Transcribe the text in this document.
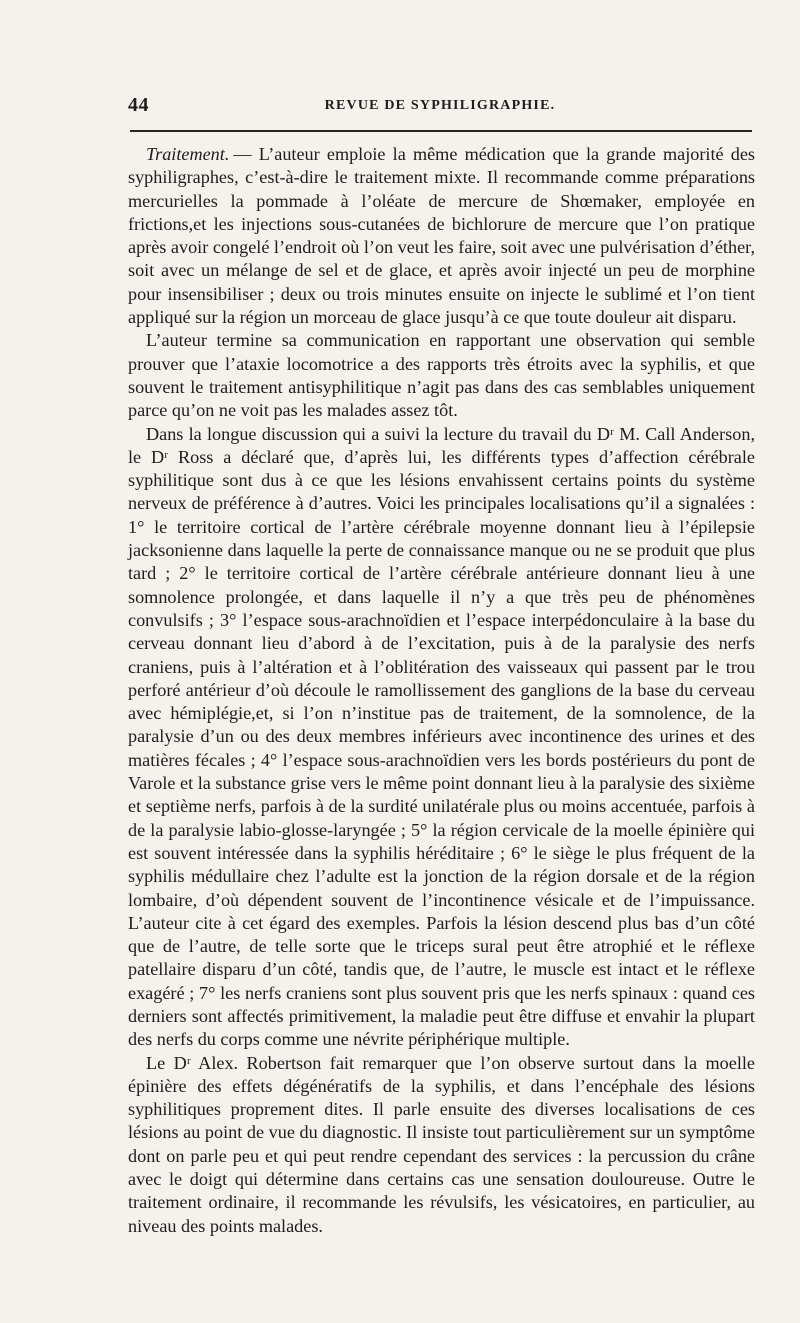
44	REVUE DE SYPHILIGRAPHIE.

Traitement. — L’auteur emploie la même médication que la grande majorité des syphiligraphes, c’est-à-dire le traitement mixte. Il recommande comme préparations mercurielles la pommade à l’oléate de mercure de Shœmaker, employée en frictions,et les injections sous-cutanées de bichlorure de mercure que l’on pratique après avoir congelé l’endroit où l’on veut les faire, soit avec une pulvérisation d’éther, soit avec un mélange de sel et de glace, et après avoir injecté un peu de morphine pour insensibiliser ; deux ou trois minutes ensuite on injecte le sublimé et l’on tient appliqué sur la région un morceau de glace jusqu’à ce que toute douleur ait disparu.

L’auteur termine sa communication en rapportant une observation qui semble prouver que l’ataxie locomotrice a des rapports très étroits avec la syphilis, et que souvent le traitement antisyphilitique n’agit pas dans des cas semblables uniquement parce qu’on ne voit pas les malades assez tôt.

Dans la longue discussion qui a suivi la lecture du travail du Dʳ M. Call Anderson, le Dʳ Ross a déclaré que, d’après lui, les différents types d’affection cérébrale syphilitique sont dus à ce que les lésions envahissent certains points du système nerveux de préférence à d’autres. Voici les principales localisations qu’il a signalées : 1° le territoire cortical de l’artère cérébrale moyenne donnant lieu à l’épilepsie jacksonienne dans laquelle la perte de connaissance manque ou ne se produit que plus tard ; 2° le territoire cortical de l’artère cérébrale antérieure donnant lieu à une somnolence prolongée, et dans laquelle il n’y a que très peu de phénomènes convulsifs ; 3° l’espace sous-arachnoïdien et l’espace interpédonculaire à la base du cerveau donnant lieu d’abord à de l’excitation, puis à de la paralysie des nerfs craniens, puis à l’altération et à l’oblitération des vaisseaux qui passent par le trou perforé antérieur d’où découle le ramollissement des ganglions de la base du cerveau avec hémiplégie,et, si l’on n’institue pas de traitement, de la somnolence, de la paralysie d’un ou des deux membres inférieurs avec incontinence des urines et des matières fécales ; 4° l’espace sous-arachnoïdien vers les bords postérieurs du pont de Varole et la substance grise vers le même point donnant lieu à la paralysie des sixième et septième nerfs, parfois à de la surdité unilatérale plus ou moins accentuée, parfois à de la paralysie labio-glosse-laryngée ; 5° la région cervicale de la moelle épinière qui est souvent intéressée dans la syphilis héréditaire ; 6° le siège le plus fréquent de la syphilis médullaire chez l’adulte est la jonction de la région dorsale et de la région lombaire, d’où dépendent souvent de l’incontinence vésicale et de l’impuissance. L’auteur cite à cet égard des exemples. Parfois la lésion descend plus bas d’un côté que de l’autre, de telle sorte que le triceps sural peut être atrophié et le réflexe patellaire disparu d’un côté, tandis que, de l’autre, le muscle est intact et le réflexe exagéré ; 7° les nerfs craniens sont plus souvent pris que les nerfs spinaux : quand ces derniers sont affectés primitivement, la maladie peut être diffuse et envahir la plupart des nerfs du corps comme une névrite périphérique multiple.

Le Dʳ Alex. Robertson fait remarquer que l’on observe surtout dans la moelle épinière des effets dégénératifs de la syphilis, et dans l’encéphale des lésions syphilitiques proprement dites. Il parle ensuite des diverses localisations de ces lésions au point de vue du diagnostic. Il insiste tout particulièrement sur un symptôme dont on parle peu et qui peut rendre cependant des services : la percussion du crâne avec le doigt qui détermine dans certains cas une sensation douloureuse. Outre le traitement ordinaire, il recommande les révulsifs, les vésicatoires, en particulier, au niveau des points malades.
